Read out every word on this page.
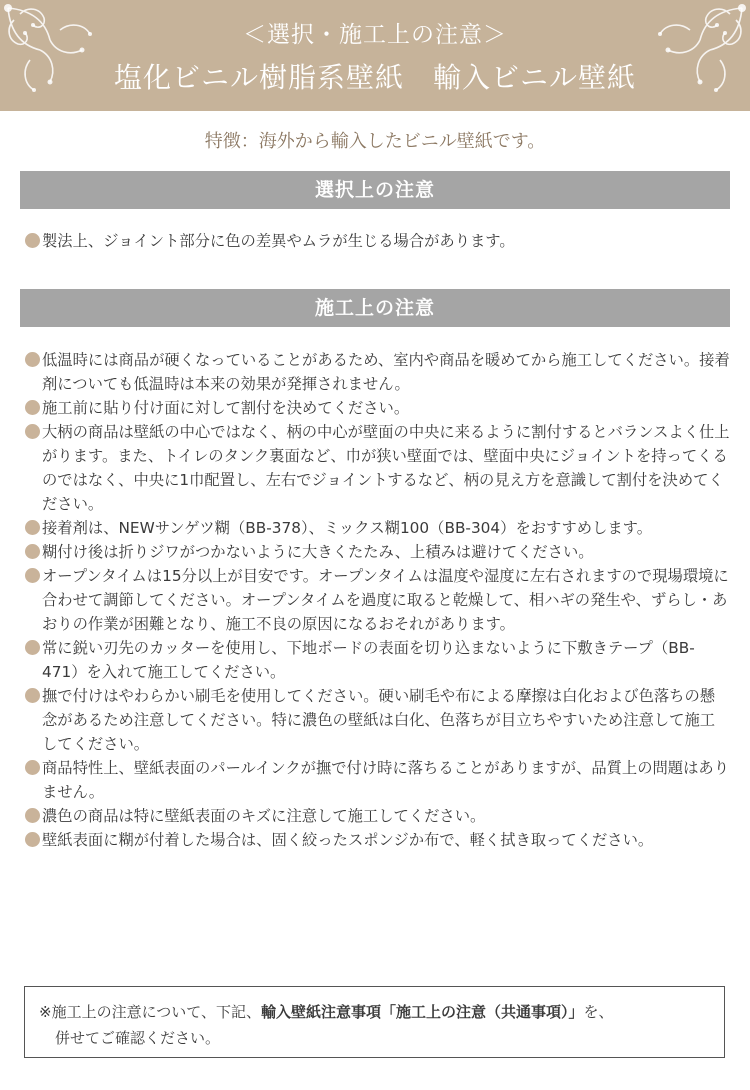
＜選択・施工上の注意＞
塩化ビニル樹脂系壁紙　輸入ビニル壁紙
特徴：海外から輸入したビニル壁紙です。
選択上の注意
製法上、ジョイント部分に色の差異やムラが生じる場合があります。
施工上の注意
低温時には商品が硬くなっていることがあるため、室内や商品を暖めてから施工してください。接着剤についても低温時は本来の効果が発揮されません。
施工前に貼り付け面に対して割付を決めてください。
大柄の商品は壁紙の中心ではなく、柄の中心が壁面の中央に来るように割付するとバランスよく仕上がります。また、トイレのタンク裏面など、巾が狭い壁面では、壁面中央にジョイントを持ってくるのではなく、中央に1巾配置し、左右でジョイントするなど、柄の見え方を意識して割付を決めてください。
接着剤は、NEWサンゲツ糊（BB-378）、ミックス糊100（BB-304）をおすすめします。
糊付け後は折りジワがつかないように大きくたたみ、上積みは避けてください。
オープンタイムは15分以上が目安です。オープンタイムは温度や湿度に左右されますので現場環境に合わせて調節してください。オープンタイムを過度に取ると乾燥して、相ハギの発生や、ずらし・あおりの作業が困難となり、施工不良の原因になるおそれがあります。
常に鋭い刃先のカッターを使用し、下地ボードの表面を切り込まないように下敷きテープ（BB-471）を入れて施工してください。
撫で付けはやわらかい刷毛を使用してください。硬い刷毛や布による摩擦は白化および色落ちの懸念があるため注意してください。特に濃色の壁紙は白化、色落ちが目立ちやすいため注意して施工してください。
商品特性上、壁紙表面のパールインクが撫で付け時に落ちることがありますが、品質上の問題はありません。
濃色の商品は特に壁紙表面のキズに注意して施工してください。
壁紙表面に糊が付着した場合は、固く絞ったスポンジか布で、軽く拭き取ってください。
※施工上の注意について、下記、輸入壁紙注意事項「施工上の注意（共通事項）」を、
併せてご確認ください。
